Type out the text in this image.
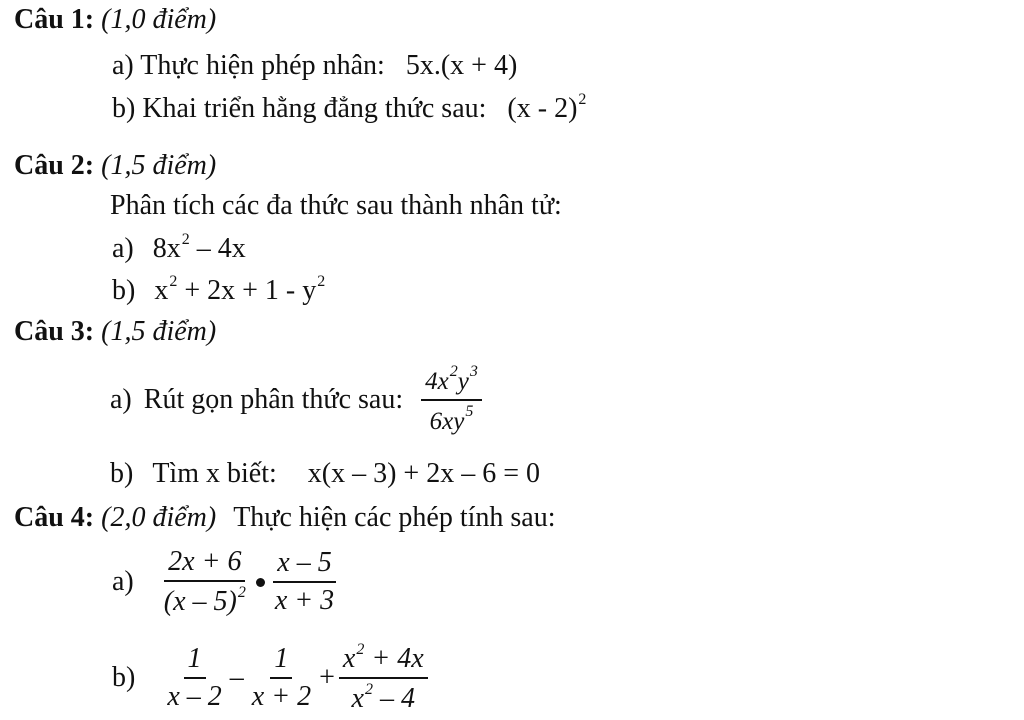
Câu 1: (1,0 điểm)
a) Thực hiện phép nhân: 5x.(x + 4)
b) Khai triển hằng đẳng thức sau: (x - 2)$^2$
Câu 2: (1,5 điểm)
Phân tích các đa thức sau thành nhân tử:
a) $8x^2 - 4x$
b) $x^2 + 2x + 1 - y^2$
Câu 3: (1,5 điểm)
a) Rút gọn phân thức sau: $\frac{4x^2y^3}{6xy^5}$
b) Tìm x biết: x(x – 3) + 2x – 6 = 0
Câu 4: (2,0 điểm) Thực hiện các phép tính sau:
$a) \frac{2x + 6}{(x - 5)^2} \frac{x - 5}{x + 3}$
$b) \frac{1}{x - 2} - \frac{1}{x + 2} + \frac{x^2 + 4x}{x^2 - 4}$
